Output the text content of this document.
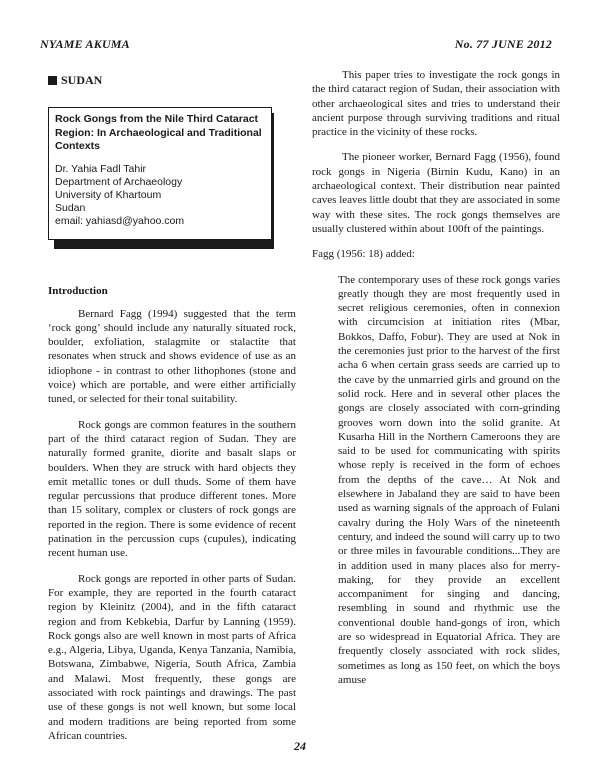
NYAME AKUMA	No. 77 JUNE 2012
SUDAN
Rock Gongs from the Nile Third Cataract Region: In Archaeological and Traditional Contexts
Dr. Yahia Fadl Tahir
Department of Archaeology
University of Khartoum
Sudan
email: yahiasd@yahoo.com
Introduction

Bernard Fagg (1994) suggested that the term ‘rock gong’ should include any naturally situated rock, boulder, exfoliation, stalagmite or stalactite that resonates when struck and shows evidence of use as an idiophone - in contrast to other lithophones (stone and voice) which are portable, and were either artificially tuned, or selected for their tonal suitability.

Rock gongs are common features in the southern part of the third cataract region of Sudan. They are naturally formed granite, diorite and basalt slaps or boulders. When they are struck with hard objects they emit metallic tones or dull thuds. Some of them have regular percussions that produce different tones. More than 15 solitary, complex or clusters of rock gongs are reported in the region. There is some evidence of recent patination in the percussion cups (cupules), indicating recent human use.

Rock gongs are reported in other parts of Sudan. For example, they are reported in the fourth cataract region by Kleinitz (2004), and in the fifth cataract region and from Kebkebia, Darfur by Lanning (1959). Rock gongs also are well known in most parts of Africa e.g., Algeria, Libya, Uganda, Kenya Tanzania, Namibia, Botswana, Zimbabwe, Nigeria, South Africa, Zambia and Malawi. Most frequently, these gongs are associated with rock paintings and drawings. The past use of these gongs is not well known, but some local and modern traditions are being reported from some African countries.

This paper tries to investigate the rock gongs in the third cataract region of Sudan, their association with other archaeological sites and tries to understand their ancient purpose through surviving traditions and ritual practice in the vicinity of these rocks.

The pioneer worker, Bernard Fagg (1956), found rock gongs in Nigeria (Birnin Kudu, Kano) in an archaeological context. Their distribution near painted caves leaves little doubt that they are associated in some way with these sites. The rock gongs themselves are usually clustered within about 100ft of the paintings.

Fagg (1956: 18) added:

The contemporary uses of these rock gongs varies greatly though they are most frequently used in secret religious ceremonies, often in connexion with circumcision at initiation rites (Mbar, Bokkos, Daffo, Fobur). They are used at Nok in the ceremonies just prior to the harvest of the first acha 6 when certain grass seeds are carried up to the cave by the unmarried girls and ground on the solid rock. Here and in several other places the gongs are closely associated with corn-grinding grooves worn down into the solid granite. At Kusarha Hill in the Northern Cameroons they are said to be used for communicating with spirits whose reply is received in the form of echoes from the depths of the cave… At Nok and elsewhere in Jabaland they are said to have been used as warning signals of the approach of Fulani cavalry during the Holy Wars of the nineteenth century, and indeed the sound will carry up to two or three miles in favourable conditions...They are in addition used in many places also for merry-making, for they provide an excellent accompaniment for singing and dancing, resembling in sound and rhythmic use the conventional double hand-gongs of iron, which are so widespread in Equatorial Africa. They are frequently closely associated with rock slides, sometimes as long as 150 feet, on which the boys amuse

24
